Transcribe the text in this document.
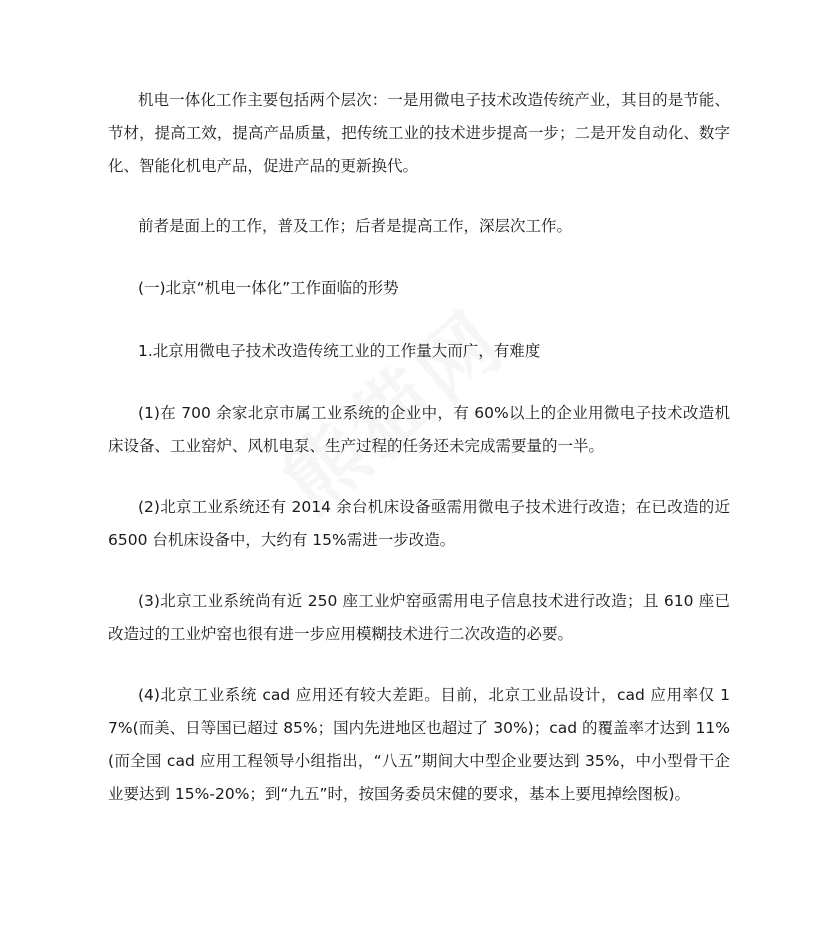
机电一体化工作主要包括两个层次：一是用微电子技术改造传统产业，其目的是节能、节材，提高工效，提高产品质量，把传统工业的技术进步提高一步；二是开发自动化、数字化、智能化机电产品，促进产品的更新换代。

前者是面上的工作，普及工作；后者是提高工作，深层次工作。

(一)北京“机电一体化”工作面临的形势

1.北京用微电子技术改造传统工业的工作量大而广，有难度

(1)在 700 余家北京市属工业系统的企业中，有 60%以上的企业用微电子技术改造机床设备、工业窑炉、风机电泵、生产过程的任务还未完成需要量的一半。

(2)北京工业系统还有 2014 余台机床设备亟需用微电子技术进行改造；在已改造的近 6500 台机床设备中，大约有 15%需进一步改造。

(3)北京工业系统尚有近 250 座工业炉窑亟需用电子信息技术进行改造；且 610 座已改造过的工业炉窑也很有进一步应用模糊技术进行二次改造的必要。

(4)北京工业系统 cad 应用还有较大差距。目前，北京工业品设计，cad 应用率仅 17%(而美、日等国已超过 85%；国内先进地区也超过了 30%)；cad 的覆盖率才达到 11%(而全国 cad 应用工程领导小组指出，“八五”期间大中型企业要达到 35%，中小型骨干企业要达到 15%-20%；到“九五”时，按国务委员宋健的要求，基本上要甩掉绘图板)。
